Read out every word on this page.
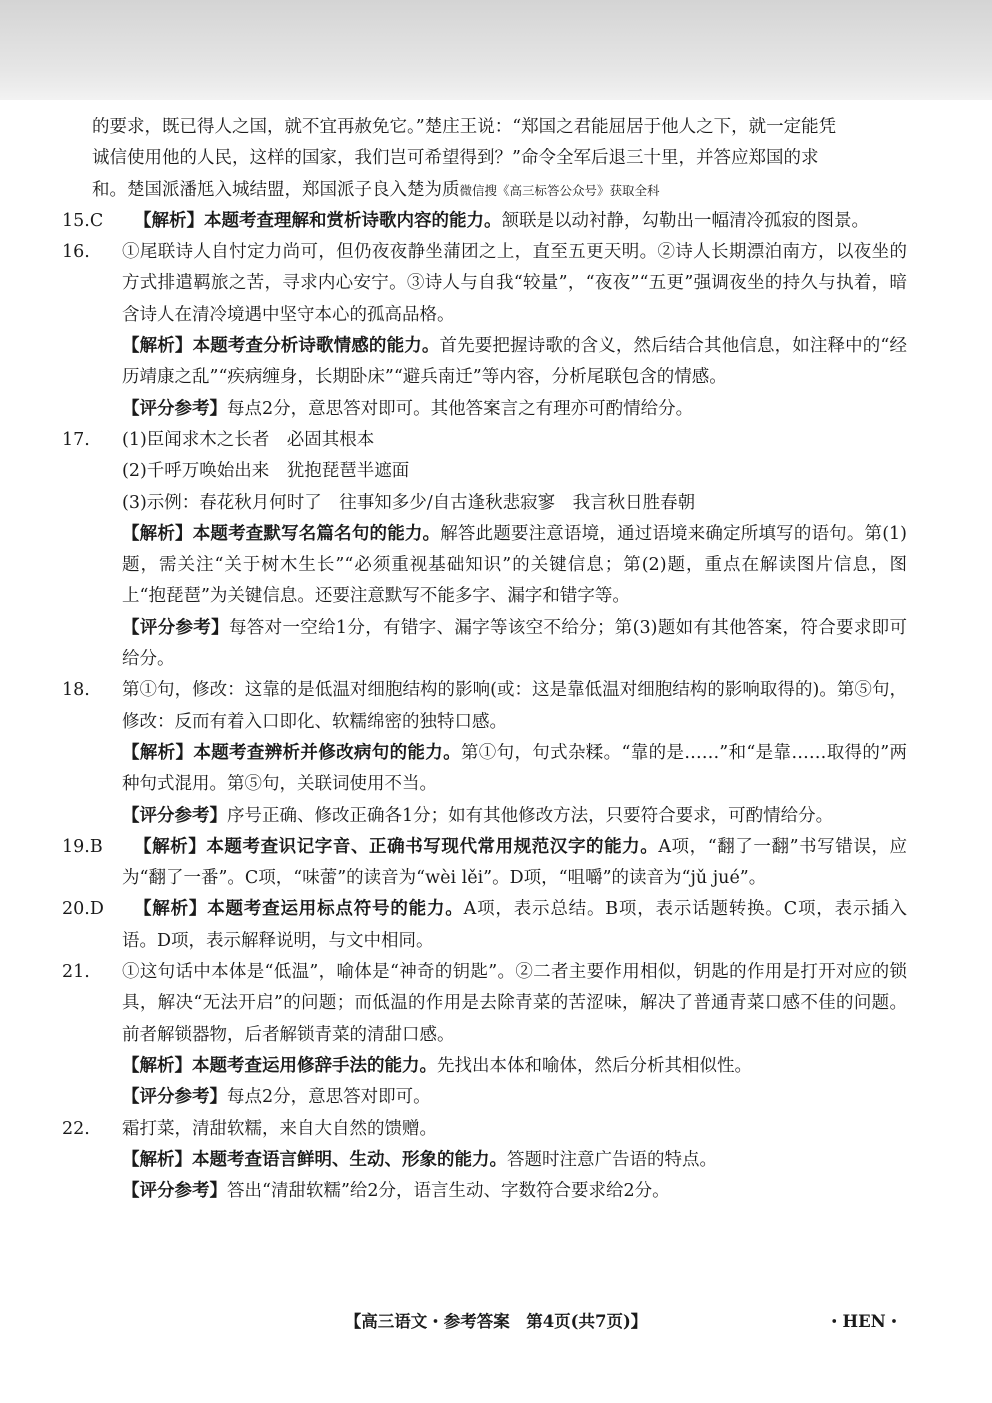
的要求，既已得人之国，就不宜再赦免它。”楚庄王说：“郑国之君能屈居于他人之下，就一定能凭

诚信使用他的人民，这样的国家，我们岂可希望得到？”命令全军后退三十里，并答应郑国的求

和。楚国派潘尪入城结盟，郑国派子良入楚为质微信搜《高三标答公众号》获取全科

15.C 【解析】本题考查理解和赏析诗歌内容的能力。颔联是以动衬静，勾勒出一幅清冷孤寂的图景。
16. ①尾联诗人自忖定力尚可，但仍夜夜静坐蒲团之上，直至五更天明。②诗人长期漂泊南方，以夜坐的方式排遣羁旅之苦，寻求内心安宁。③诗人与自我“较量”，“夜夜”“五更”强调夜坐的持久与执着，暗含诗人在清冷境遇中坚守本心的孤高品格。

【解析】本题考查分析诗歌情感的能力。首先要把握诗歌的含义，然后结合其他信息，如注释中的“经历靖康之乱”“疾病缠身，长期卧床”“避兵南迁”等内容，分析尾联包含的情感。

【评分参考】每点2分，意思答对即可。其他答案言之有理亦可酌情给分。

17. (1)臣闻求木之长者　必固其根本

(2)千呼万唤始出来　犹抱琵琶半遮面

(3)示例：春花秋月何时了　往事知多少/自古逢秋悲寂寥　我言秋日胜春朝

【解析】本题考查默写名篇名句的能力。解答此题要注意语境，通过语境来确定所填写的语句。第(1)题，需关注“关于树木生长”“必须重视基础知识”的关键信息；第(2)题，重点在解读图片信息，图上“抱琵琶”为关键信息。还要注意默写不能多字、漏字和错字等。

【评分参考】每答对一空给1分，有错字、漏字等该空不给分；第(3)题如有其他答案，符合要求即可给分。

18. 第①句，修改：这靠的是低温对细胞结构的影响(或：这是靠低温对细胞结构的影响取得的)。第⑤句，修改：反而有着入口即化、软糯绵密的独特口感。

【解析】本题考查辨析并修改病句的能力。第①句，句式杂糅。“靠的是……”和“是靠……取得的”两种句式混用。第⑤句，关联词使用不当。

【评分参考】序号正确、修改正确各1分；如有其他修改方法，只要符合要求，可酌情给分。

19.B 【解析】本题考查识记字音、正确书写现代常用规范汉字的能力。A项，“翻了一翻”书写错误，应为“翻了一番”。C项，“味蕾”的读音为“wèi lěi”。D项，“咀嚼”的读音为“jǔ jué”。
20.D 【解析】本题考查运用标点符号的能力。A项，表示总结。B项，表示话题转换。C项，表示插入语。D项，表示解释说明，与文中相同。
21. ①这句话中本体是“低温”，喻体是“神奇的钥匙”。②二者主要作用相似，钥匙的作用是打开对应的锁具，解决“无法开启”的问题；而低温的作用是去除青菜的苦涩味，解决了普通青菜口感不佳的问题。前者解锁器物，后者解锁青菜的清甜口感。

【解析】本题考查运用修辞手法的能力。先找出本体和喻体，然后分析其相似性。

【评分参考】每点2分，意思答对即可。

22. 霜打菜，清甜软糯，来自大自然的馈赠。

【解析】本题考查语言鲜明、生动、形象的能力。答题时注意广告语的特点。

【评分参考】答出“清甜软糯”给2分，语言生动、字数符合要求给2分。

【高三语文・参考答案　第4页(共7页)】	・HEN・
